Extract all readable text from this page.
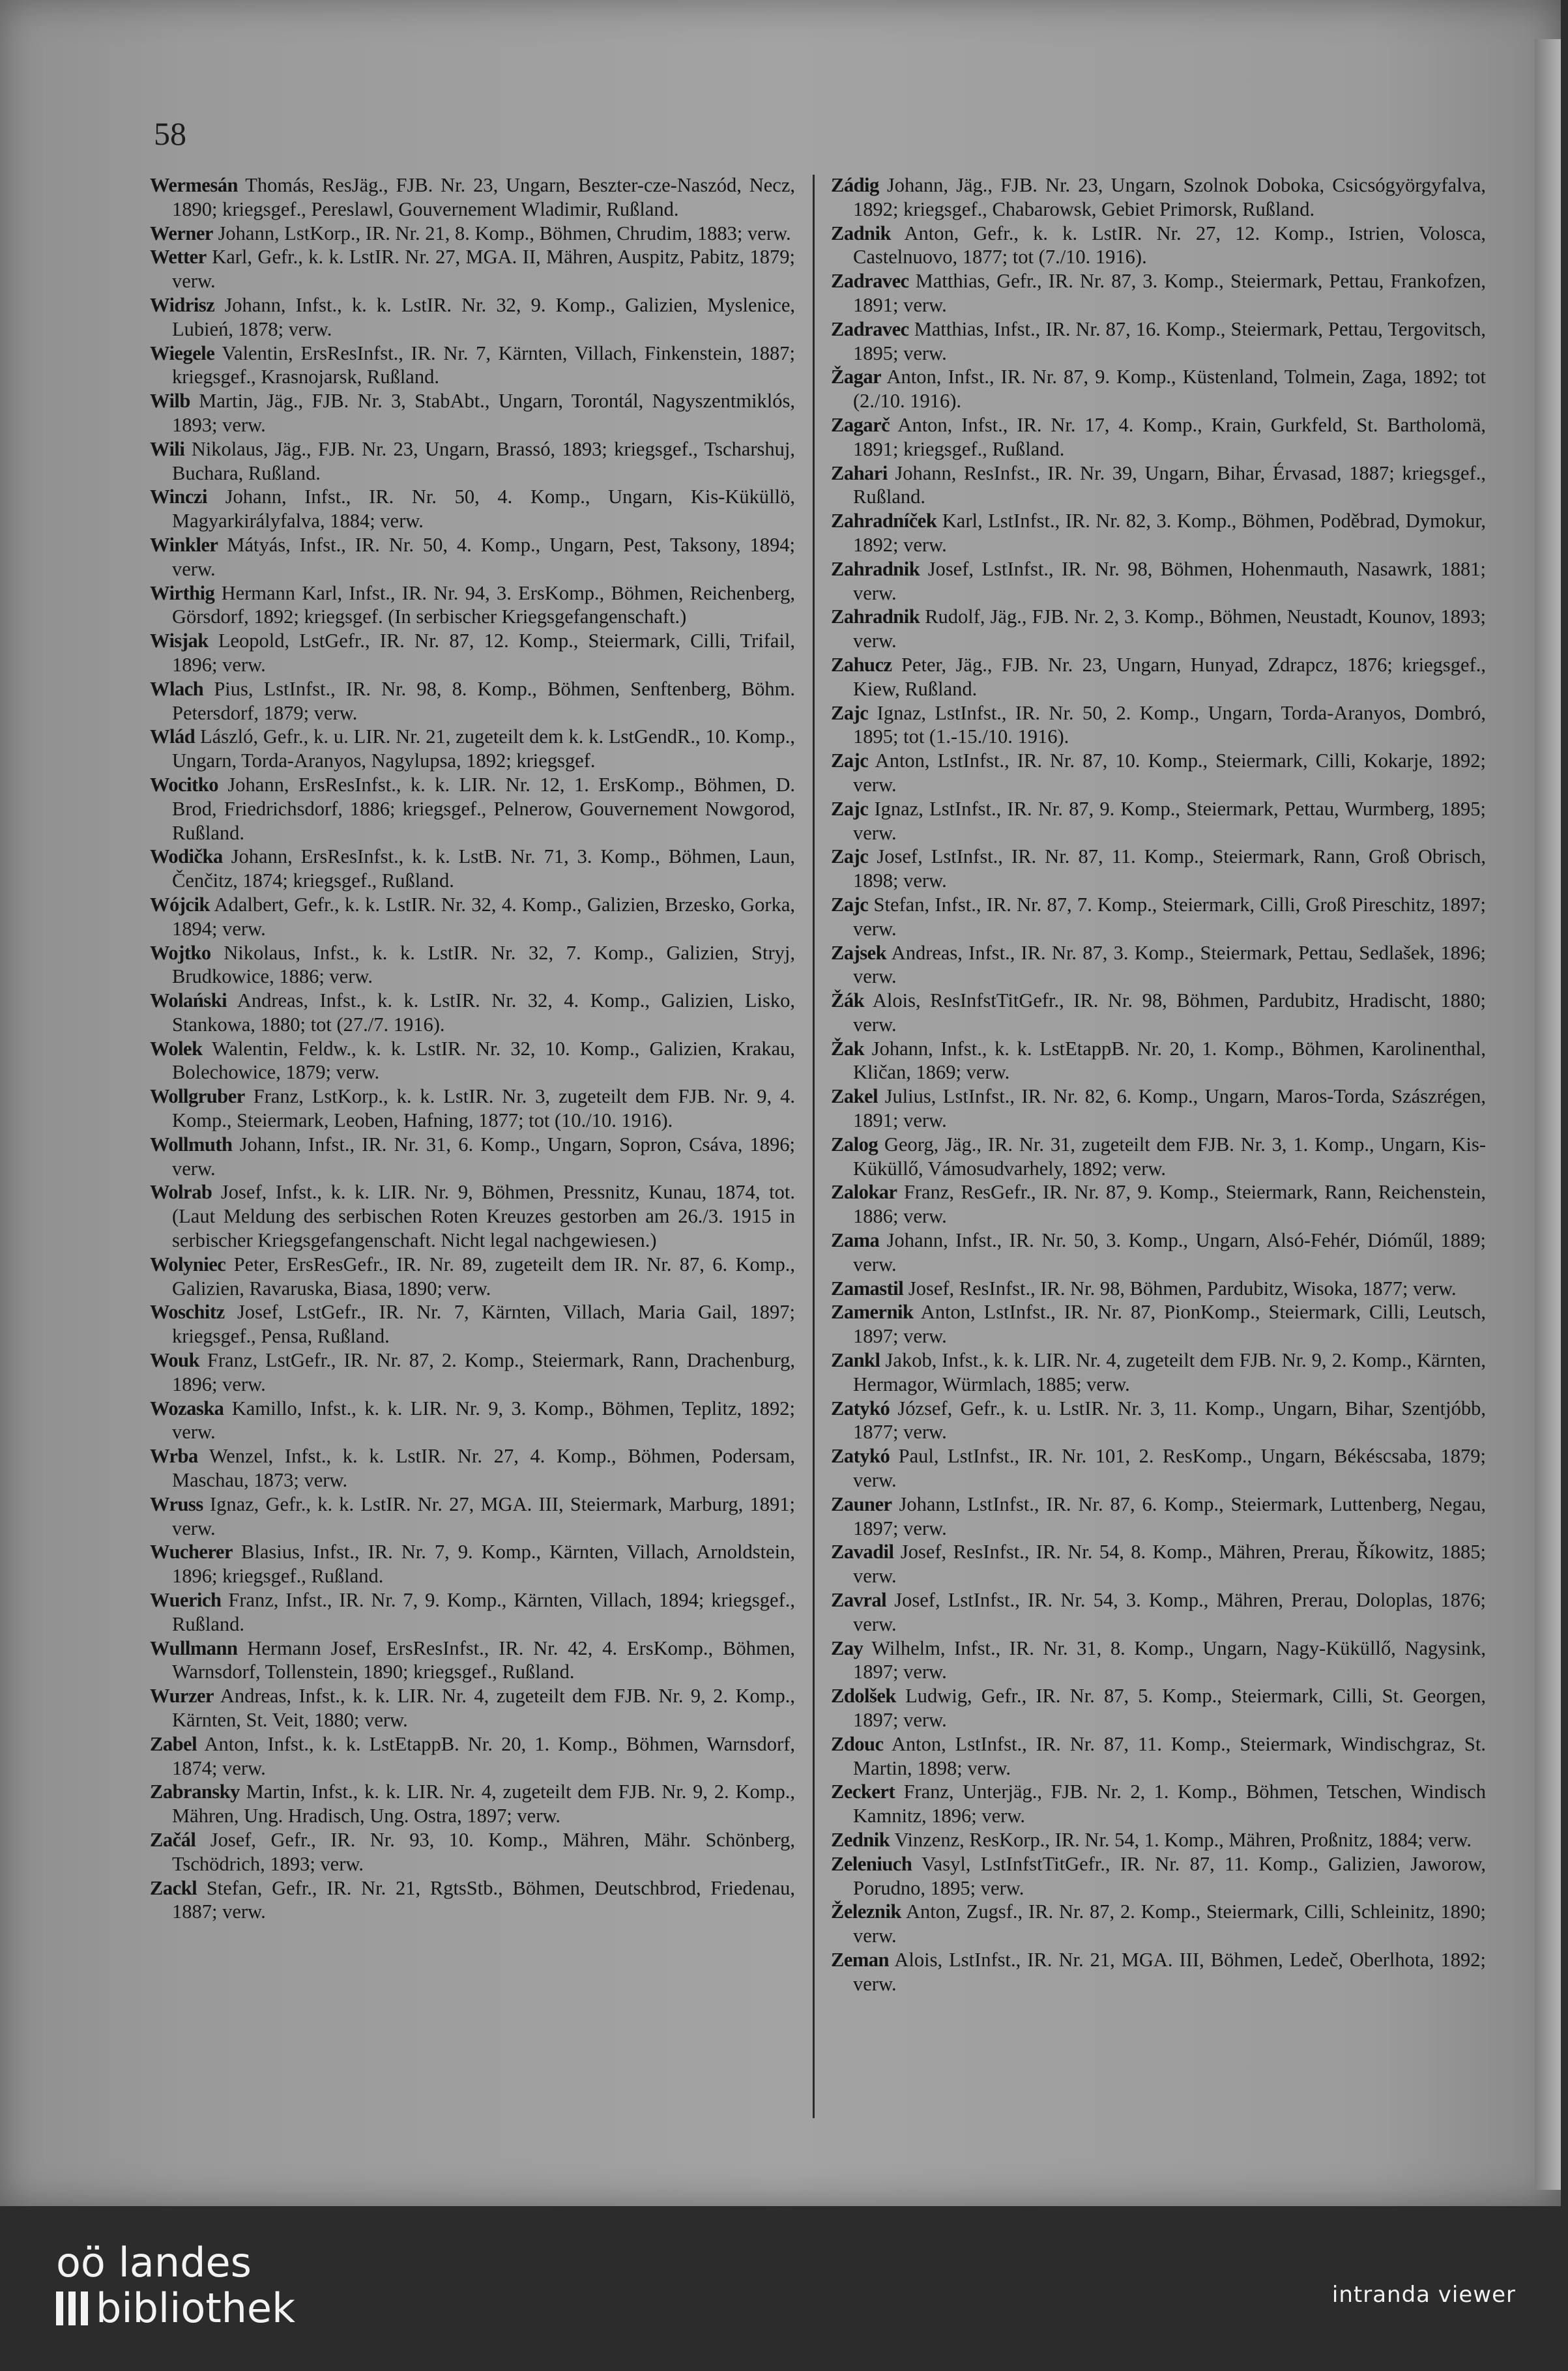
58

Wermesán Thomás, ResJäg., FJB. Nr. 23, Ungarn, Beszter-cze-Naszód, Necz, 1890; kriegsgef., Pereslawl, Gouvernement Wladimir, Rußland.

Werner Johann, LstKorp., IR. Nr. 21, 8. Komp., Böhmen, Chrudim, 1883; verw.

Wetter Karl, Gefr., k. k. LstIR. Nr. 27, MGA. II, Mähren, Auspitz, Pabitz, 1879; verw.

Widrisz Johann, Infst., k. k. LstIR. Nr. 32, 9. Komp., Galizien, Myslenice, Lubień, 1878; verw.

Wiegele Valentin, ErsResInfst., IR. Nr. 7, Kärnten, Villach, Finkenstein, 1887; kriegsgef., Krasnojarsk, Rußland.

Wilb Martin, Jäg., FJB. Nr. 3, StabAbt., Ungarn, Torontál, Nagyszentmiklós, 1893; verw.

Wili Nikolaus, Jäg., FJB. Nr. 23, Ungarn, Brassó, 1893; kriegsgef., Tscharshuj, Buchara, Rußland.

Winczi Johann, Infst., IR. Nr. 50, 4. Komp., Ungarn, Kis-Küküllö, Magyarkirályfalva, 1884; verw.

Winkler Mátyás, Infst., IR. Nr. 50, 4. Komp., Ungarn, Pest, Taksony, 1894; verw.

Wirthig Hermann Karl, Infst., IR. Nr. 94, 3. ErsKomp., Böhmen, Reichenberg, Görsdorf, 1892; kriegsgef. (In serbischer Kriegsgefangenschaft.)

Wisjak Leopold, LstGefr., IR. Nr. 87, 12. Komp., Steiermark, Cilli, Trifail, 1896; verw.

Wlach Pius, LstInfst., IR. Nr. 98, 8. Komp., Böhmen, Senftenberg, Böhm. Petersdorf, 1879; verw.

Wlád László, Gefr., k. u. LIR. Nr. 21, zugeteilt dem k. k. LstGendR., 10. Komp., Ungarn, Torda-Aranyos, Nagylupsa, 1892; kriegsgef.

Wocitko Johann, ErsResInfst., k. k. LIR. Nr. 12, 1. ErsKomp., Böhmen, D. Brod, Friedrichsdorf, 1886; kriegsgef., Pelnerow, Gouvernement Nowgorod, Rußland.

Wodička Johann, ErsResInfst., k. k. LstB. Nr. 71, 3. Komp., Böhmen, Laun, Čenčitz, 1874; kriegsgef., Rußland.

Wójcik Adalbert, Gefr., k. k. LstIR. Nr. 32, 4. Komp., Galizien, Brzesko, Gorka, 1894; verw.

Wojtko Nikolaus, Infst., k. k. LstIR. Nr. 32, 7. Komp., Galizien, Stryj, Brudkowice, 1886; verw.

Wolański Andreas, Infst., k. k. LstIR. Nr. 32, 4. Komp., Galizien, Lisko, Stankowa, 1880; tot (27./7. 1916).

Wolek Walentin, Feldw., k. k. LstIR. Nr. 32, 10. Komp., Galizien, Krakau, Bolechowice, 1879; verw.

Wollgruber Franz, LstKorp., k. k. LstIR. Nr. 3, zugeteilt dem FJB. Nr. 9, 4. Komp., Steiermark, Leoben, Hafning, 1877; tot (10./10. 1916).

Wollmuth Johann, Infst., IR. Nr. 31, 6. Komp., Ungarn, Sopron, Csáva, 1896; verw.

Wolrab Josef, Infst., k. k. LIR. Nr. 9, Böhmen, Pressnitz, Kunau, 1874, tot. (Laut Meldung des serbischen Roten Kreuzes gestorben am 26./3. 1915 in serbischer Kriegsgefangenschaft. Nicht legal nachgewiesen.)

Wolyniec Peter, ErsResGefr., IR. Nr. 89, zugeteilt dem IR. Nr. 87, 6. Komp., Galizien, Ravaruska, Biasa, 1890; verw.

Woschitz Josef, LstGefr., IR. Nr. 7, Kärnten, Villach, Maria Gail, 1897; kriegsgef., Pensa, Rußland.

Wouk Franz, LstGefr., IR. Nr. 87, 2. Komp., Steiermark, Rann, Drachenburg, 1896; verw.

Wozaska Kamillo, Infst., k. k. LIR. Nr. 9, 3. Komp., Böhmen, Teplitz, 1892; verw.

Wrba Wenzel, Infst., k. k. LstIR. Nr. 27, 4. Komp., Böhmen, Podersam, Maschau, 1873; verw.

Wruss Ignaz, Gefr., k. k. LstIR. Nr. 27, MGA. III, Steiermark, Marburg, 1891; verw.

Wucherer Blasius, Infst., IR. Nr. 7, 9. Komp., Kärnten, Villach, Arnoldstein, 1896; kriegsgef., Rußland.

Wuerich Franz, Infst., IR. Nr. 7, 9. Komp., Kärnten, Villach, 1894; kriegsgef., Rußland.

Wullmann Hermann Josef, ErsResInfst., IR. Nr. 42, 4. ErsKomp., Böhmen, Warnsdorf, Tollenstein, 1890; kriegsgef., Rußland.

Wurzer Andreas, Infst., k. k. LIR. Nr. 4, zugeteilt dem FJB. Nr. 9, 2. Komp., Kärnten, St. Veit, 1880; verw.

Zabel Anton, Infst., k. k. LstEtappB. Nr. 20, 1. Komp., Böhmen, Warnsdorf, 1874; verw.

Zabransky Martin, Infst., k. k. LIR. Nr. 4, zugeteilt dem FJB. Nr. 9, 2. Komp., Mähren, Ung. Hradisch, Ung. Ostra, 1897; verw.

Začál Josef, Gefr., IR. Nr. 93, 10. Komp., Mähren, Mähr. Schönberg, Tschödrich, 1893; verw.

Zackl Stefan, Gefr., IR. Nr. 21, RgtsStb., Böhmen, Deutschbrod, Friedenau, 1887; verw.

Zádig Johann, Jäg., FJB. Nr. 23, Ungarn, Szolnok Doboka, Csicsógyörgyfalva, 1892; kriegsgef., Chabarowsk, Gebiet Primorsk, Rußland.

Zadnik Anton, Gefr., k. k. LstIR. Nr. 27, 12. Komp., Istrien, Volosca, Castelnuovo, 1877; tot (7./10. 1916).

Zadravec Matthias, Gefr., IR. Nr. 87, 3. Komp., Steiermark, Pettau, Frankofzen, 1891; verw.

Zadravec Matthias, Infst., IR. Nr. 87, 16. Komp., Steiermark, Pettau, Tergovitsch, 1895; verw.

Žagar Anton, Infst., IR. Nr. 87, 9. Komp., Küstenland, Tolmein, Zaga, 1892; tot (2./10. 1916).

Zagarč Anton, Infst., IR. Nr. 17, 4. Komp., Krain, Gurkfeld, St. Bartholomä, 1891; kriegsgef., Rußland.

Zahari Johann, ResInfst., IR. Nr. 39, Ungarn, Bihar, Érvasad, 1887; kriegsgef., Rußland.

Zahradníček Karl, LstInfst., IR. Nr. 82, 3. Komp., Böhmen, Poděbrad, Dymokur, 1892; verw.

Zahradnik Josef, LstInfst., IR. Nr. 98, Böhmen, Hohenmauth, Nasawrk, 1881; verw.

Zahradnik Rudolf, Jäg., FJB. Nr. 2, 3. Komp., Böhmen, Neustadt, Kounov, 1893; verw.

Zahucz Peter, Jäg., FJB. Nr. 23, Ungarn, Hunyad, Zdrapcz, 1876; kriegsgef., Kiew, Rußland.

Zajc Ignaz, LstInfst., IR. Nr. 50, 2. Komp., Ungarn, Torda-Aranyos, Dombró, 1895; tot (1.-15./10. 1916).

Zajc Anton, LstInfst., IR. Nr. 87, 10. Komp., Steiermark, Cilli, Kokarje, 1892; verw.

Zajc Ignaz, LstInfst., IR. Nr. 87, 9. Komp., Steiermark, Pettau, Wurmberg, 1895; verw.

Zajc Josef, LstInfst., IR. Nr. 87, 11. Komp., Steiermark, Rann, Groß Obrisch, 1898; verw.

Zajc Stefan, Infst., IR. Nr. 87, 7. Komp., Steiermark, Cilli, Groß Pireschitz, 1897; verw.

Zajsek Andreas, Infst., IR. Nr. 87, 3. Komp., Steiermark, Pettau, Sedlašek, 1896; verw.

Žák Alois, ResInfstTitGefr., IR. Nr. 98, Böhmen, Pardubitz, Hradischt, 1880; verw.

Žak Johann, Infst., k. k. LstEtappB. Nr. 20, 1. Komp., Böhmen, Karolinenthal, Kličan, 1869; verw.

Zakel Julius, LstInfst., IR. Nr. 82, 6. Komp., Ungarn, Maros-Torda, Szászrégen, 1891; verw.

Zalog Georg, Jäg., IR. Nr. 31, zugeteilt dem FJB. Nr. 3, 1. Komp., Ungarn, Kis-Küküllő, Vámosudvarhely, 1892; verw.

Zalokar Franz, ResGefr., IR. Nr. 87, 9. Komp., Steiermark, Rann, Reichenstein, 1886; verw.

Zama Johann, Infst., IR. Nr. 50, 3. Komp., Ungarn, Alsó-Fehér, Dióműl, 1889; verw.

Zamastil Josef, ResInfst., IR. Nr. 98, Böhmen, Pardubitz, Wisoka, 1877; verw.

Zamernik Anton, LstInfst., IR. Nr. 87, PionKomp., Steiermark, Cilli, Leutsch, 1897; verw.

Zankl Jakob, Infst., k. k. LIR. Nr. 4, zugeteilt dem FJB. Nr. 9, 2. Komp., Kärnten, Hermagor, Würmlach, 1885; verw.

Zatykó József, Gefr., k. u. LstIR. Nr. 3, 11. Komp., Ungarn, Bihar, Szentjóbb, 1877; verw.

Zatykó Paul, LstInfst., IR. Nr. 101, 2. ResKomp., Ungarn, Békéscsaba, 1879; verw.

Zauner Johann, LstInfst., IR. Nr. 87, 6. Komp., Steiermark, Luttenberg, Negau, 1897; verw.

Zavadil Josef, ResInfst., IR. Nr. 54, 8. Komp., Mähren, Prerau, Říkowitz, 1885; verw.

Zavral Josef, LstInfst., IR. Nr. 54, 3. Komp., Mähren, Prerau, Doloplas, 1876; verw.

Zay Wilhelm, Infst., IR. Nr. 31, 8. Komp., Ungarn, Nagy-Küküllő, Nagysink, 1897; verw.

Zdolšek Ludwig, Gefr., IR. Nr. 87, 5. Komp., Steiermark, Cilli, St. Georgen, 1897; verw.

Zdouc Anton, LstInfst., IR. Nr. 87, 11. Komp., Steiermark, Windischgraz, St. Martin, 1898; verw.

Zeckert Franz, Unterjäg., FJB. Nr. 2, 1. Komp., Böhmen, Tetschen, Windisch Kamnitz, 1896; verw.

Zednik Vinzenz, ResKorp., IR. Nr. 54, 1. Komp., Mähren, Proßnitz, 1884; verw.

Zeleniuch Vasyl, LstInfstTitGefr., IR. Nr. 87, 11. Komp., Galizien, Jaworow, Porudno, 1895; verw.

Železnik Anton, Zugsf., IR. Nr. 87, 2. Komp., Steiermark, Cilli, Schleinitz, 1890; verw.

Zeman Alois, LstInfst., IR. Nr. 21, MGA. III, Böhmen, Ledeč, Oberlhota, 1892; verw.

oö landes
bibliothek	intranda viewer
